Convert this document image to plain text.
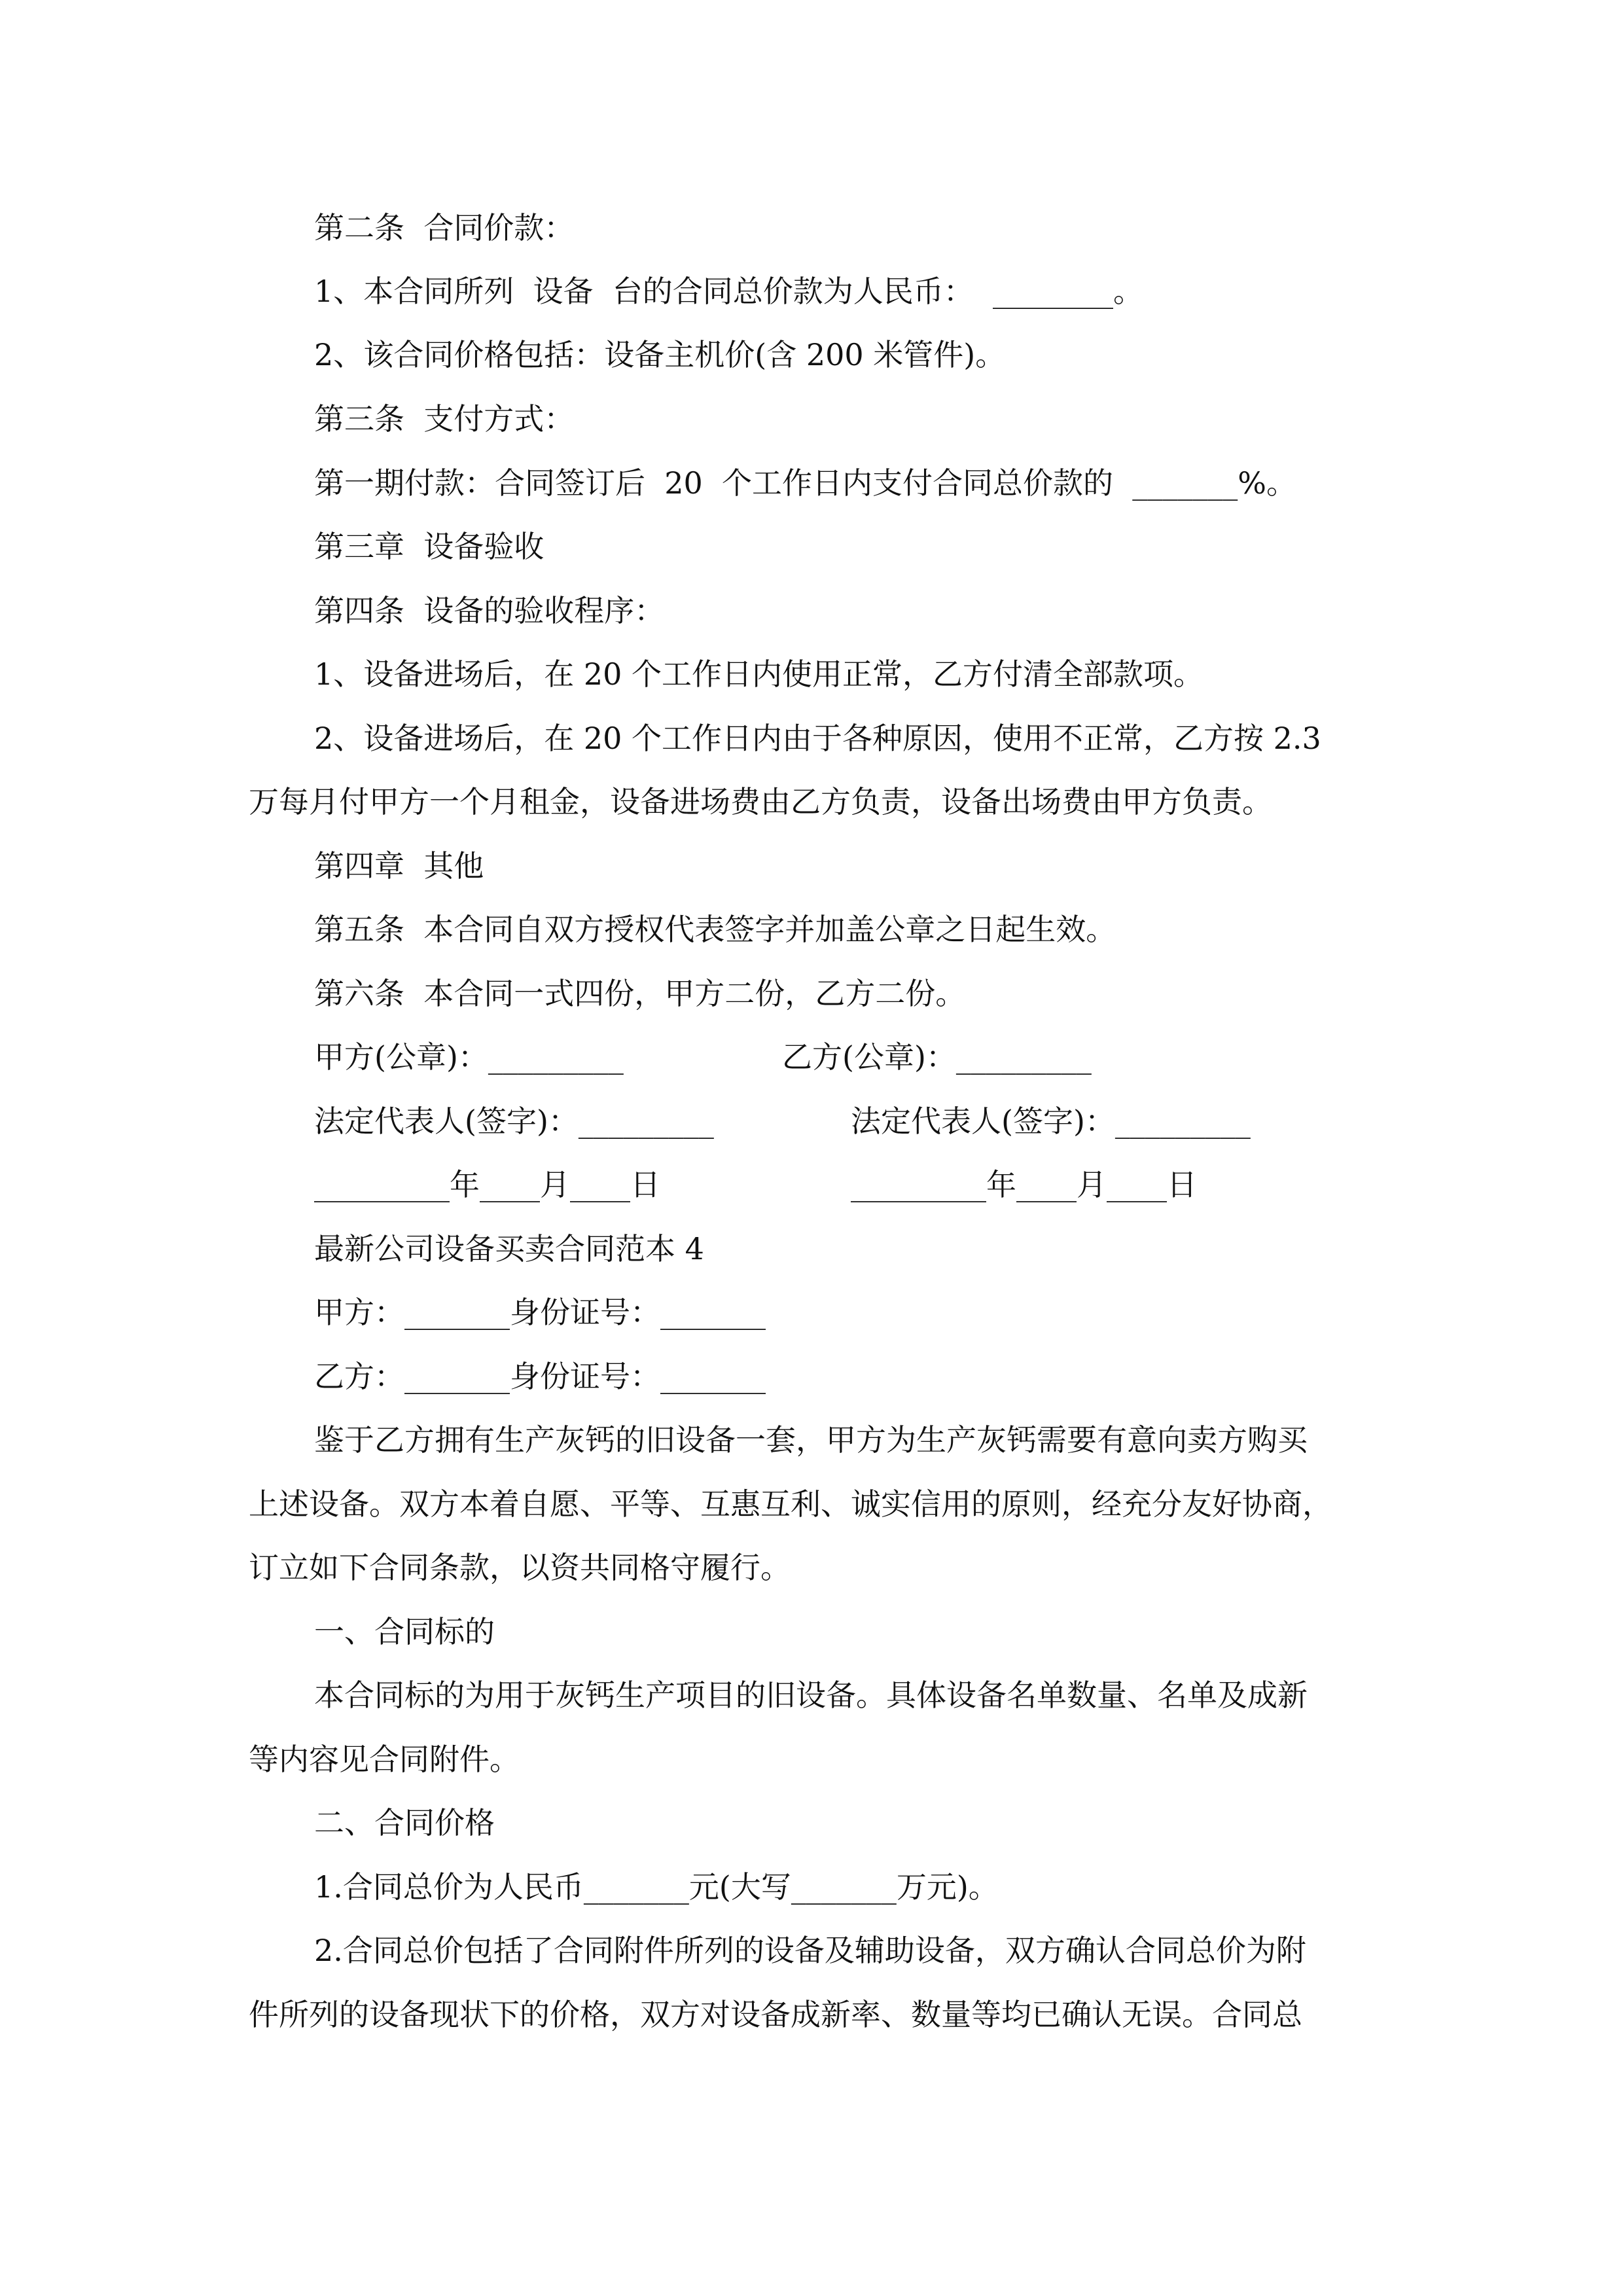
第二条  合同价款：
1、本合同所列  设备  台的合同总价款为人民币：  ________。
2、该合同价格包括：设备主机价(含 200 米管件)。
第三条  支付方式：
第一期付款：合同签订后  20  个工作日内支付合同总价款的  _______%。
第三章  设备验收
第四条  设备的验收程序：
1、设备进场后，在 20 个工作日内使用正常，乙方付清全部款项。
2、设备进场后，在 20 个工作日内由于各种原因，使用不正常，乙方按 2.3
万每月付甲方一个月租金，设备进场费由乙方负责，设备出场费由甲方负责。
第四章  其他
第五条  本合同自双方授权代表签字并加盖公章之日起生效。
第六条  本合同一式四份，甲方二份，乙方二份。
甲方(公章)：_________	乙方(公章)：_________
法定代表人(签字)：_________	法定代表人(签字)：_________
_________年____月____日	_________年____月____日
最新公司设备买卖合同范本 4
甲方：_______身份证号：_______
乙方：_______身份证号：_______
鉴于乙方拥有生产灰钙的旧设备一套，甲方为生产灰钙需要有意向卖方购买
上述设备。双方本着自愿、平等、互惠互利、诚实信用的原则，经充分友好协商，
订立如下合同条款，以资共同格守履行。
一、合同标的
本合同标的为用于灰钙生产项目的旧设备。具体设备名单数量、名单及成新
等内容见合同附件。
二、合同价格
1.合同总价为人民币_______元(大写_______万元)。
2.合同总价包括了合同附件所列的设备及辅助设备，双方确认合同总价为附
件所列的设备现状下的价格，双方对设备成新率、数量等均已确认无误。合同总
